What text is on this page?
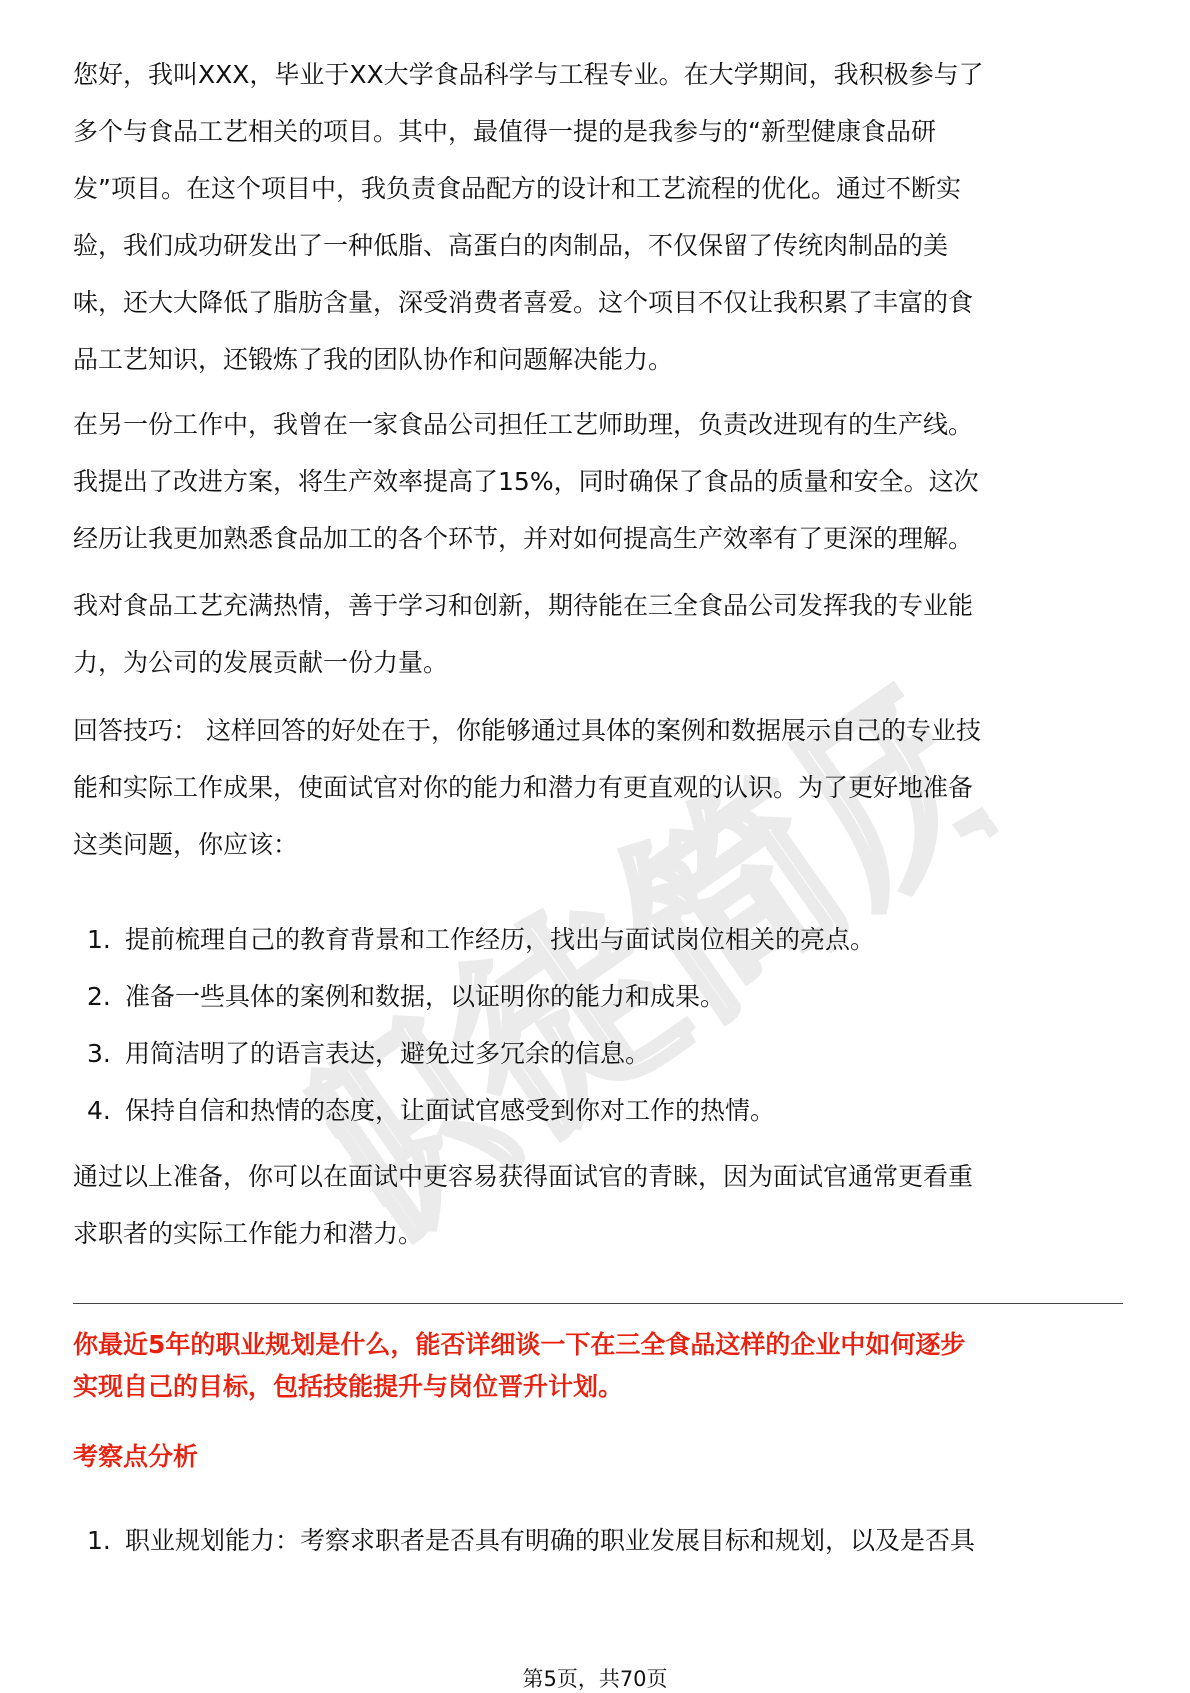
职徒简历

您好，我叫XXX，毕业于XX大学食品科学与工程专业。在大学期间，我积极参与了
多个与食品工艺相关的项目。其中，最值得一提的是我参与的“新型健康食品研
发”项目。在这个项目中，我负责食品配方的设计和工艺流程的优化。通过不断实
验，我们成功研发出了一种低脂、高蛋白的肉制品，不仅保留了传统肉制品的美
味，还大大降低了脂肪含量，深受消费者喜爱。这个项目不仅让我积累了丰富的食
品工艺知识，还锻炼了我的团队协作和问题解决能力。

在另一份工作中，我曾在一家食品公司担任工艺师助理，负责改进现有的生产线。
我提出了改进方案，将生产效率提高了15%，同时确保了食品的质量和安全。这次
经历让我更加熟悉食品加工的各个环节，并对如何提高生产效率有了更深的理解。

我对食品工艺充满热情，善于学习和创新，期待能在三全食品公司发挥我的专业能
力，为公司的发展贡献一份力量。

回答技巧： 这样回答的好处在于，你能够通过具体的案例和数据展示自己的专业技
能和实际工作成果，使面试官对你的能力和潜力有更直观的认识。为了更好地准备
这类问题，你应该：

1. 提前梳理自己的教育背景和工作经历，找出与面试岗位相关的亮点。
2. 准备一些具体的案例和数据，以证明你的能力和成果。
3. 用简洁明了的语言表达，避免过多冗余的信息。
4. 保持自信和热情的态度，让面试官感受到你对工作的热情。

通过以上准备，你可以在面试中更容易获得面试官的青睐，因为面试官通常更看重
求职者的实际工作能力和潜力。

你最近5年的职业规划是什么，能否详细谈一下在三全食品这样的企业中如何逐步
实现自己的目标，包括技能提升与岗位晋升计划。

考察点分析

1. 职业规划能力：考察求职者是否具有明确的职业发展目标和规划，以及是否具
第5页，共70页
